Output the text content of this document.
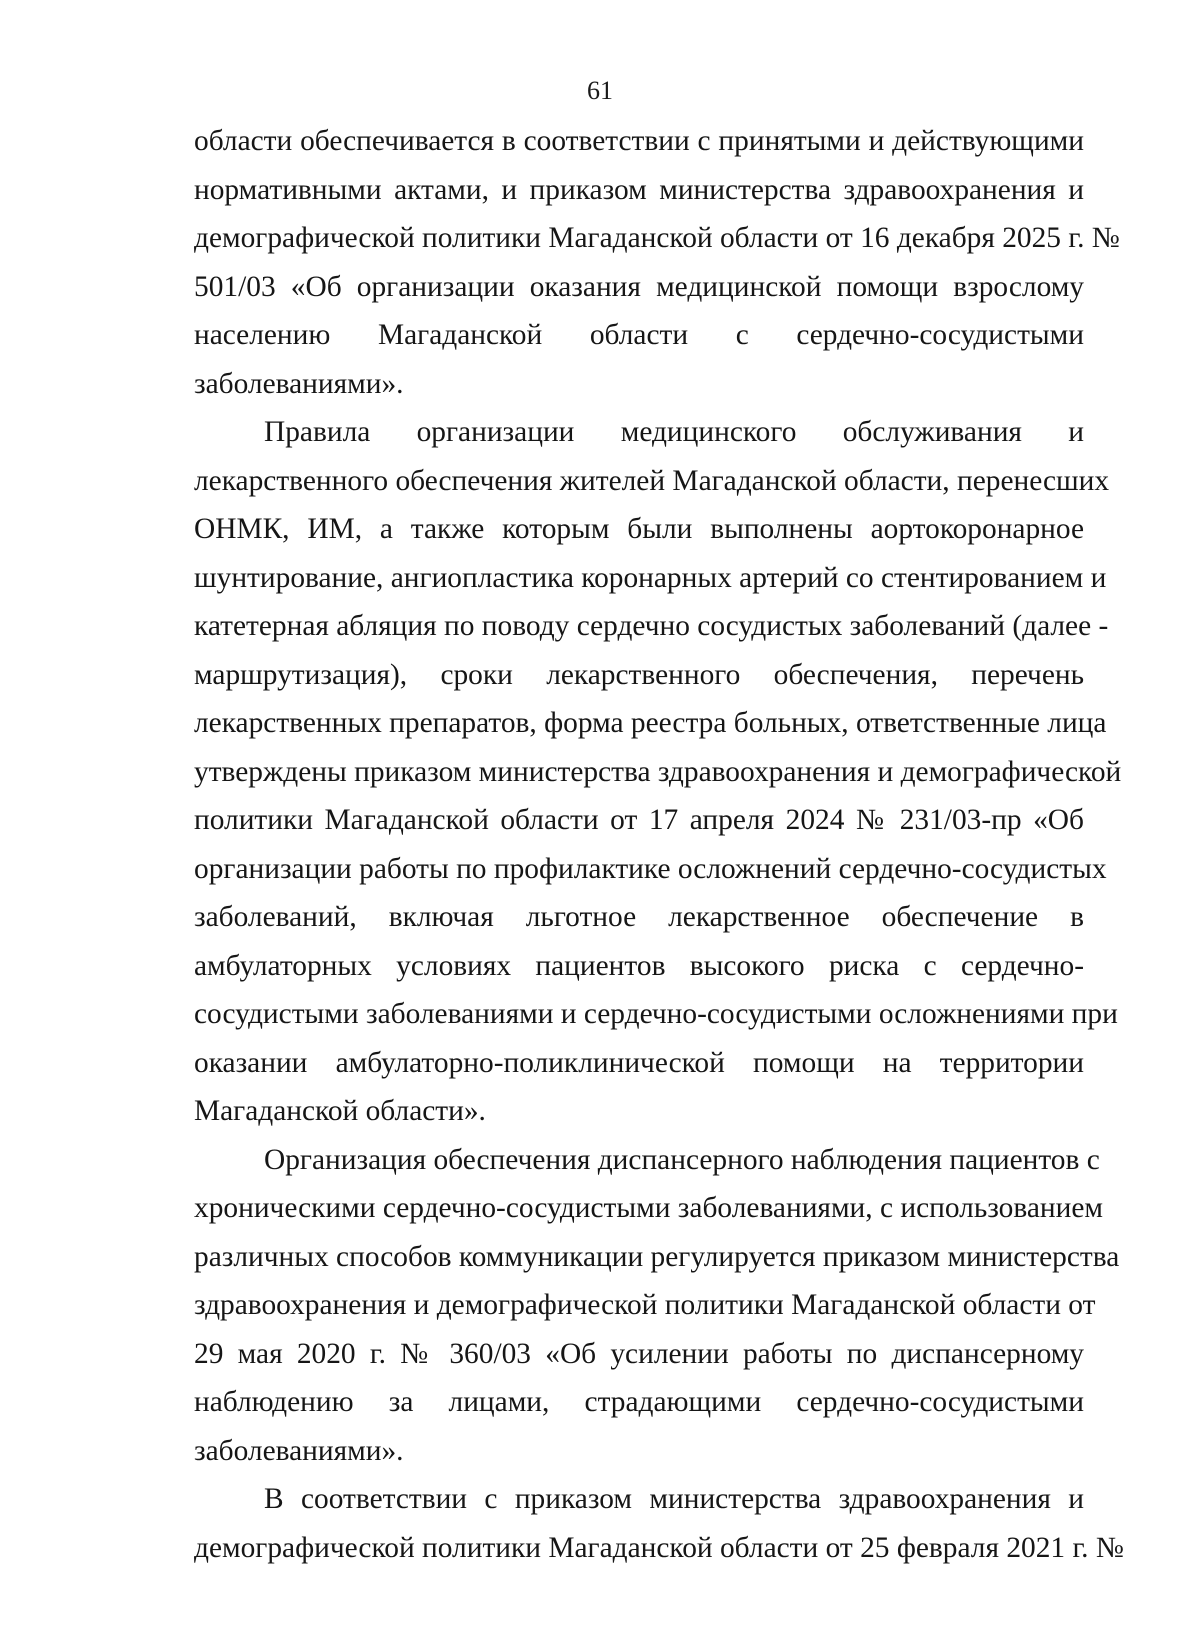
61
области обеспечивается в соответствии с принятыми и действующими
нормативными актами, и приказом министерства здравоохранения и
демографической политики Магаданской области от 16 декабря 2025 г. №
501/03 «Об организации оказания медицинской помощи взрослому
населению Магаданской области с сердечно-сосудистыми
заболеваниями».
Правила организации медицинского обслуживания и
лекарственного обеспечения жителей Магаданской области, перенесших
ОНМК, ИМ, а также которым были выполнены аортокоронарное
шунтирование, ангиопластика коронарных артерий со стентированием и
катетерная абляция по поводу сердечно сосудистых заболеваний (далее -
маршрутизация), сроки лекарственного обеспечения, перечень
лекарственных препаратов, форма реестра больных, ответственные лица
утверждены приказом министерства здравоохранения и демографической
политики Магаданской области от 17 апреля 2024 № 231/03-пр «Об
организации работы по профилактике осложнений сердечно-сосудистых
заболеваний, включая льготное лекарственное обеспечение в
амбулаторных условиях пациентов высокого риска с сердечно-
сосудистыми заболеваниями и сердечно-сосудистыми осложнениями при
оказании амбулаторно-поликлинической помощи на территории
Магаданской области».
Организация обеспечения диспансерного наблюдения пациентов с
хроническими сердечно-сосудистыми заболеваниями, с использованием
различных способов коммуникации регулируется приказом министерства
здравоохранения и демографической политики Магаданской области от
29 мая 2020 г. № 360/03 «Об усилении работы по диспансерному
наблюдению за лицами, страдающими сердечно-сосудистыми
заболеваниями».
В соответствии с приказом министерства здравоохранения и
демографической политики Магаданской области от 25 февраля 2021 г. №
